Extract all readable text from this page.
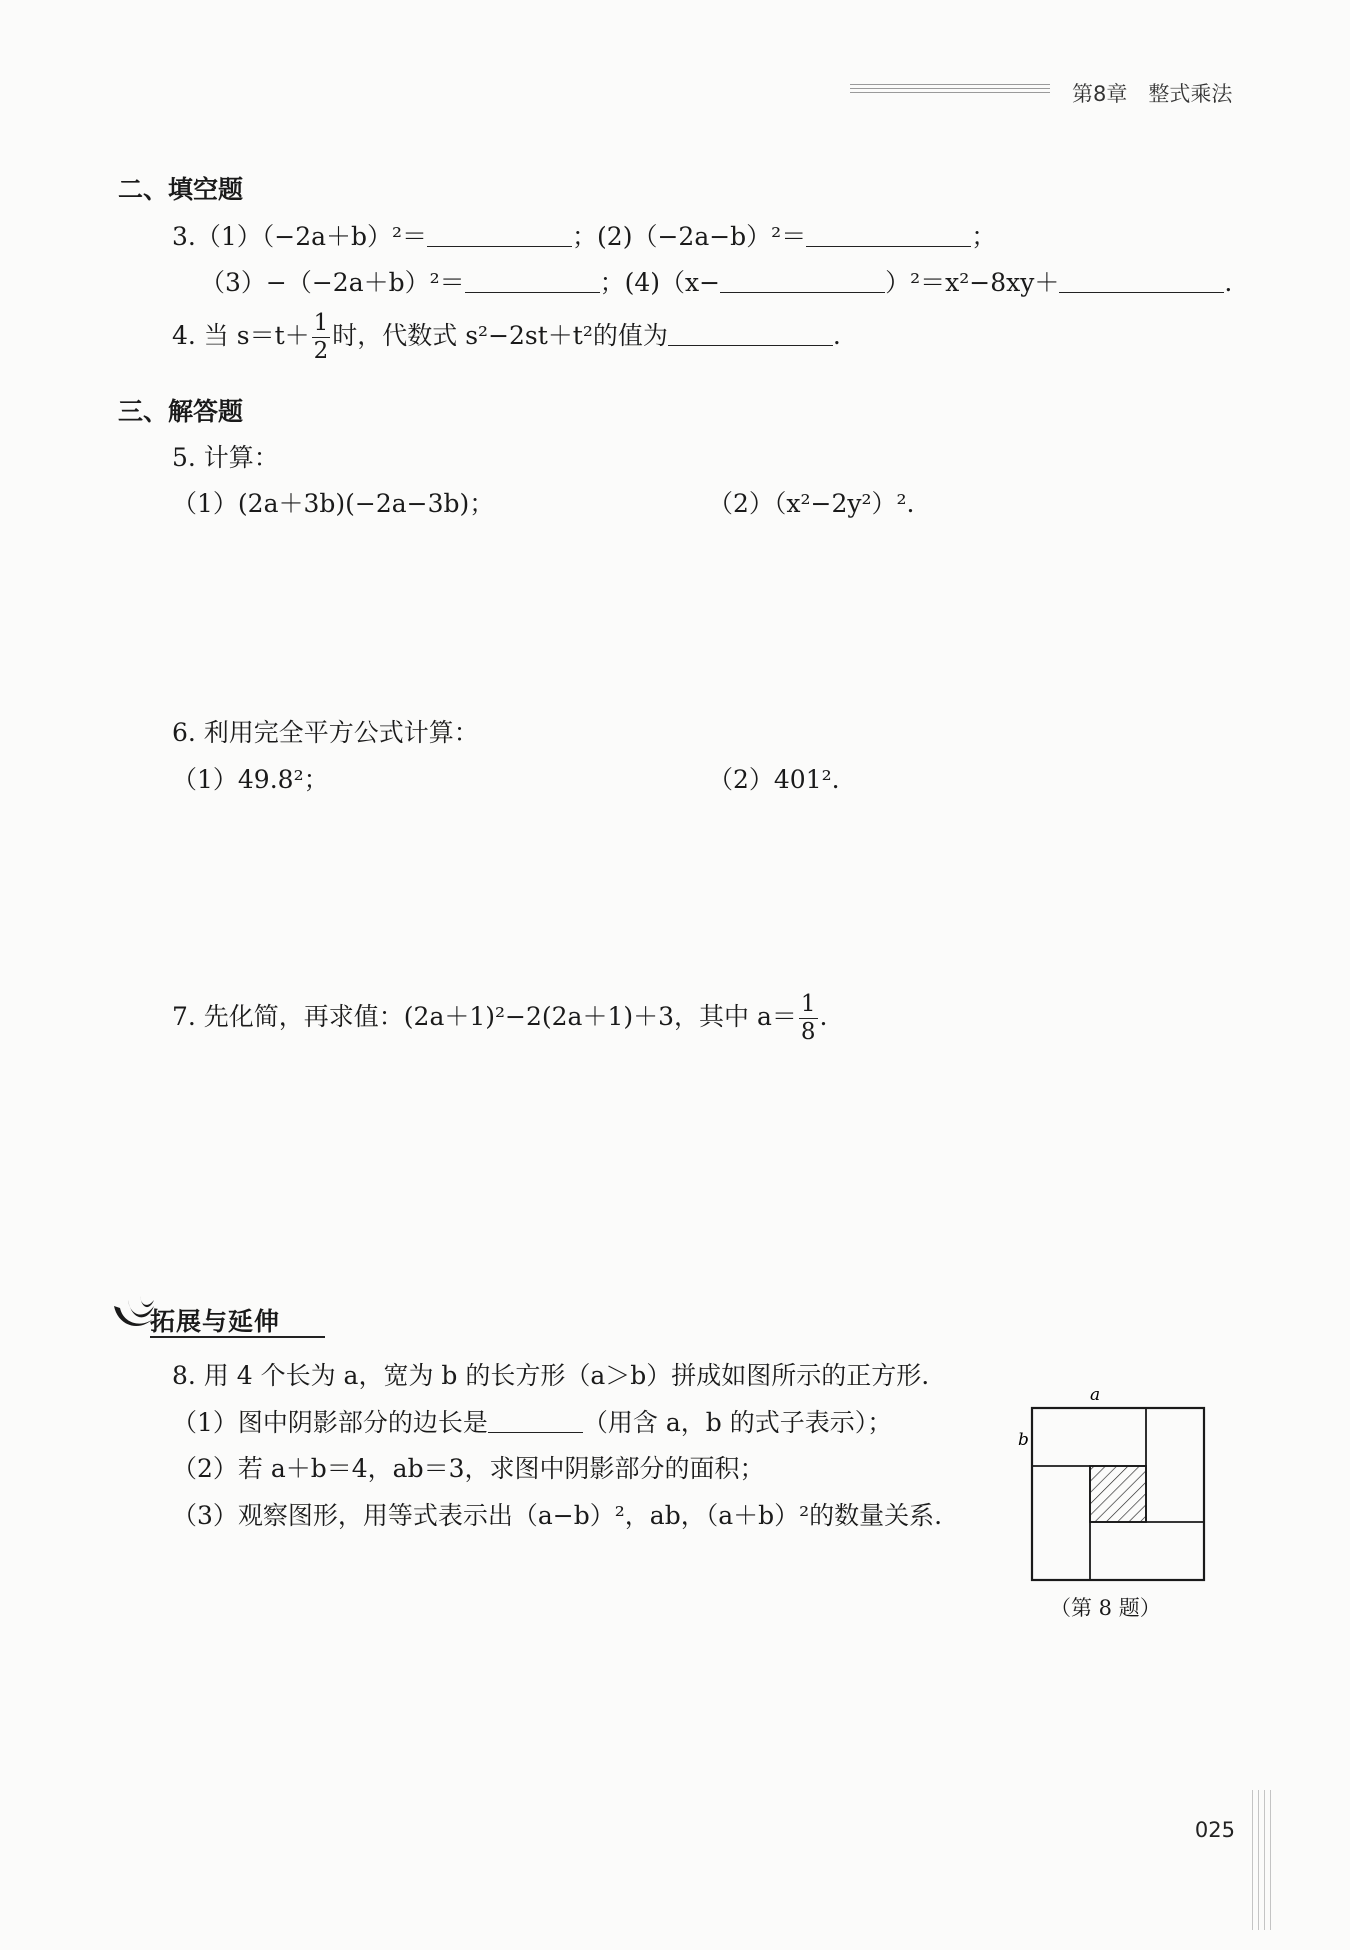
第8章　整式乘法
二、填空题
3.（1）（−2a＋b）²＝	；(2)（−2a−b）²＝	；
（3）−（−2a＋b）²＝	；(4)（x−	）²＝x²−8xy＋	.
4. 当 $s=t+ \frac{1}{2}$ 时，代数式 s²−2st＋t²的值为	.
三、解答题
5. 计算：
（1）(2a＋3b)(−2a−3b)；	（2）（x²−2y²）².
6. 利用完全平方公式计算：
（1）49.8²；	（2）401².
7. 先化简，再求值：(2a＋1)²−2(2a＋1)＋3，其中 $a= \frac{1}{8}$ .
拓展与延伸
8. 用 4 个长为 a，宽为 b 的长方形（a＞b）拼成如图所示的正方形.
（1）图中阴影部分的边长是	（用含 a，b 的式子表示）；
（2）若 a＋b＝4，ab＝3，求图中阴影部分的面积；
（3）观察图形，用等式表示出（a−b）²，ab，（a＋b）²的数量关系.
a
b
（第 8 题）
025
